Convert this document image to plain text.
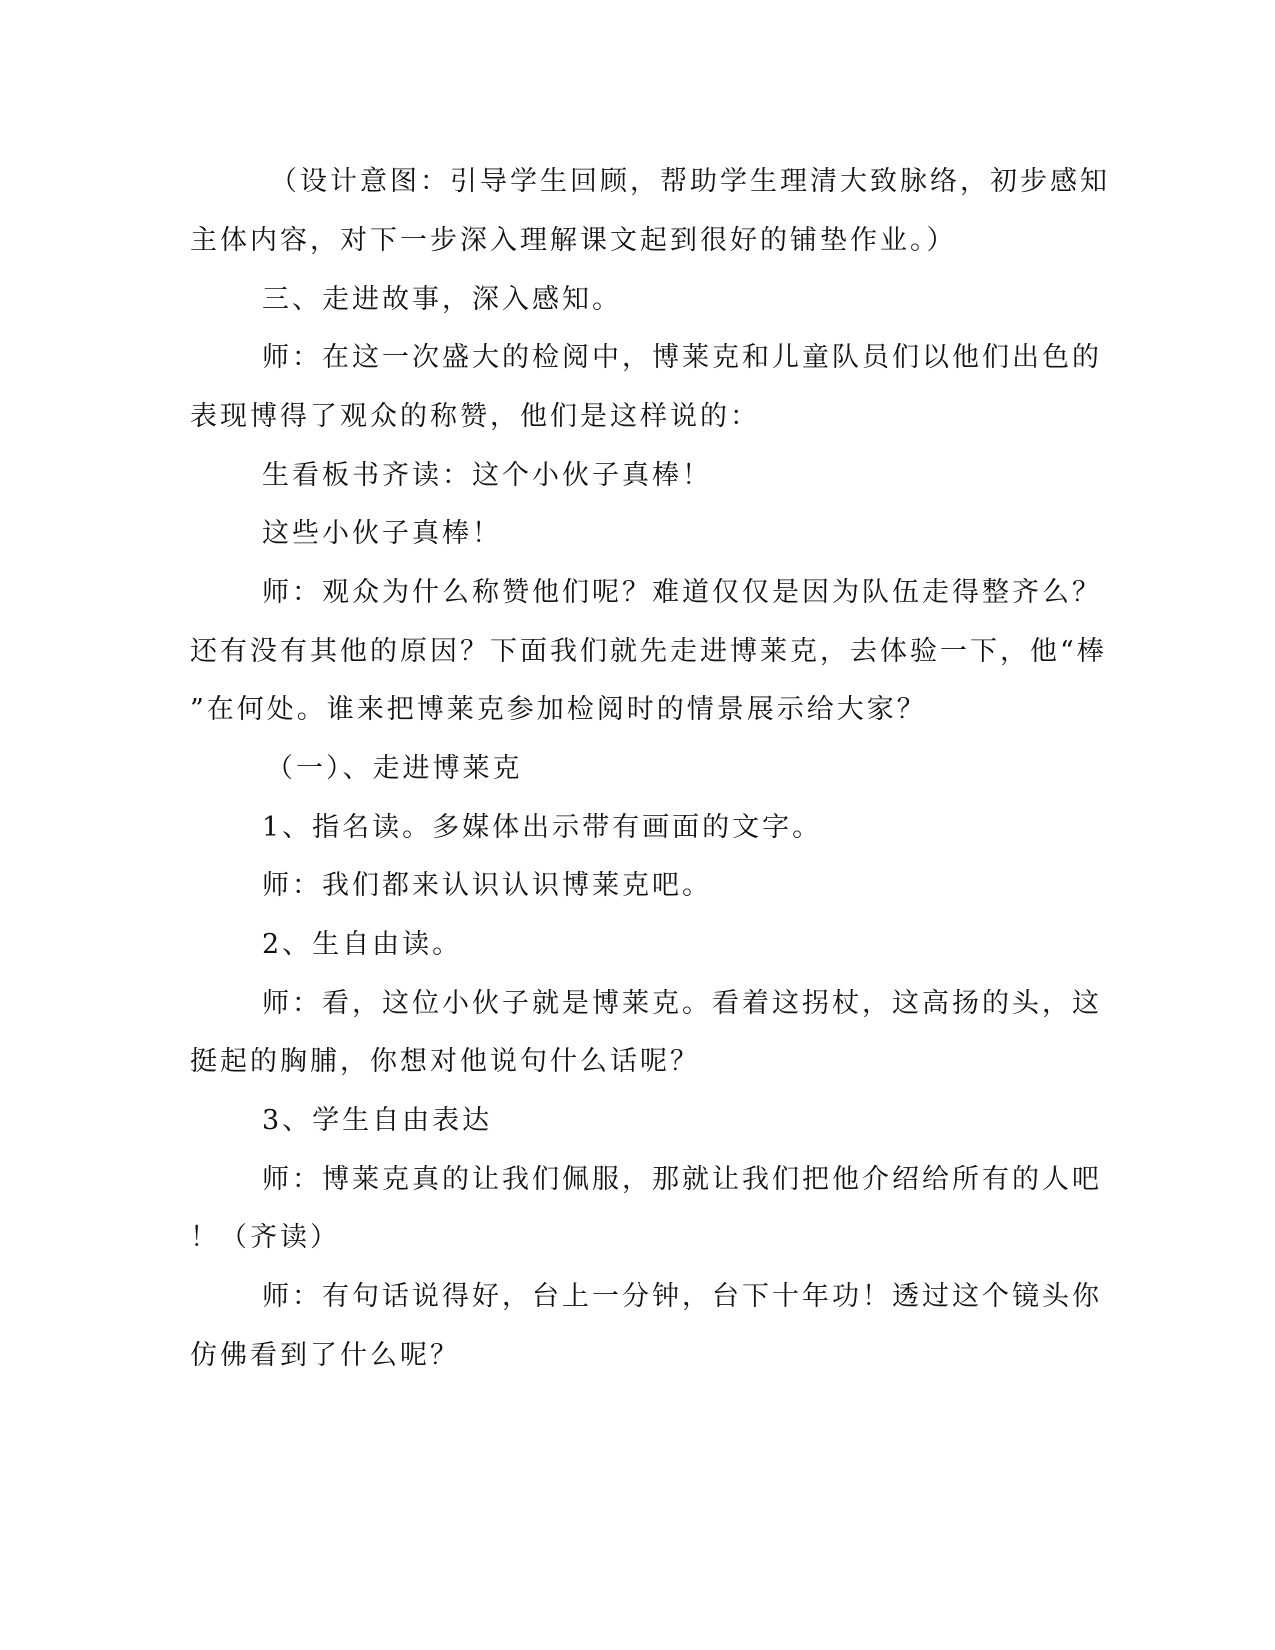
（设计意图：引导学生回顾，帮助学生理清大致脉络，初步感知
主体内容，对下一步深入理解课文起到很好的铺垫作业。）
三、走进故事，深入感知。
师：在这一次盛大的检阅中，博莱克和儿童队员们以他们出色的
表现博得了观众的称赞，他们是这样说的：
生看板书齐读：这个小伙子真棒！
这些小伙子真棒！
师：观众为什么称赞他们呢？难道仅仅是因为队伍走得整齐么？
还有没有其他的原因？下面我们就先走进博莱克，去体验一下，他“棒
”在何处。谁来把博莱克参加检阅时的情景展示给大家？
（一）、走进博莱克
1、指名读。多媒体出示带有画面的文字。
师：我们都来认识认识博莱克吧。
2、生自由读。
师：看，这位小伙子就是博莱克。看着这拐杖，这高扬的头，这
挺起的胸脯，你想对他说句什么话呢？
3、学生自由表达
师：博莱克真的让我们佩服，那就让我们把他介绍给所有的人吧
！（齐读）
师：有句话说得好，台上一分钟，台下十年功！透过这个镜头你
仿佛看到了什么呢？
